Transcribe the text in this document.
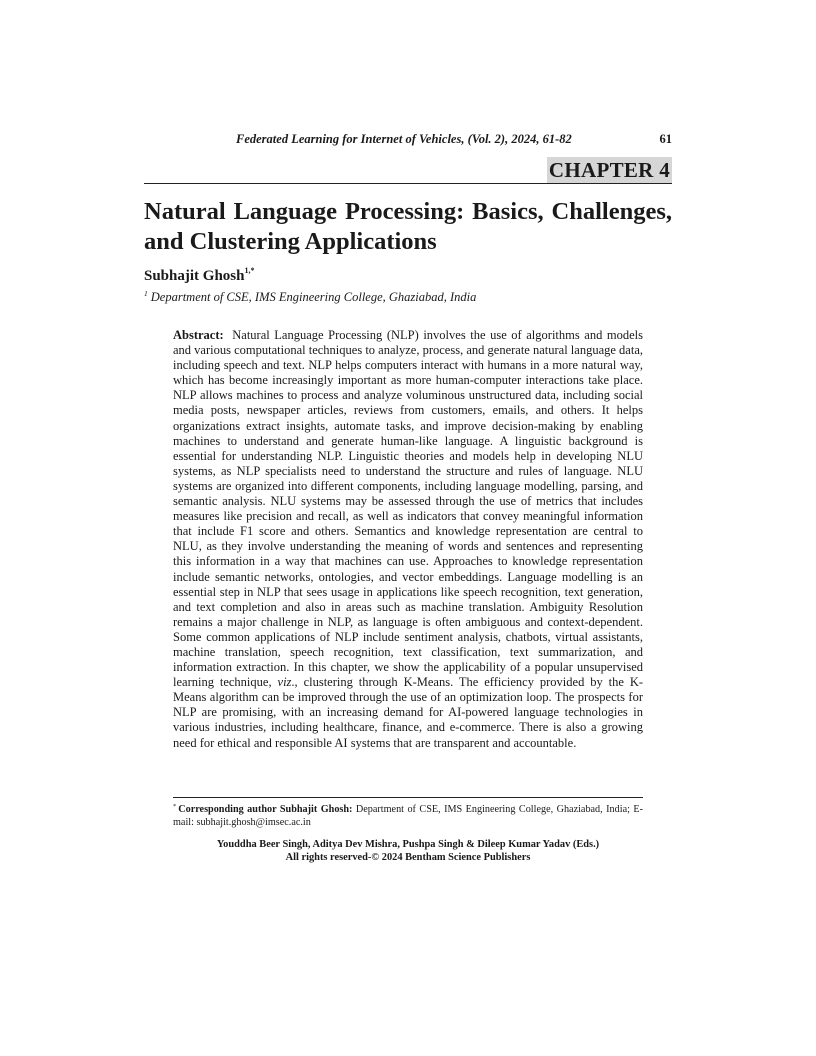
Federated Learning for Internet of Vehicles, (Vol. 2), 2024, 61-82	61
CHAPTER 4
Natural Language Processing: Basics, Challenges, and Clustering Applications
Subhajit Ghosh$^{1,*}$
$^1$ Department of CSE, IMS Engineering College, Ghaziabad, India

Abstract: Natural Language Processing (NLP) involves the use of algorithms and models and various computational techniques to analyze, process, and generate natural language data, including speech and text. NLP helps computers interact with humans in a more natural way, which has become increasingly important as more human-computer interactions take place. NLP allows machines to process and analyze voluminous unstructured data, including social media posts, newspaper articles, reviews from customers, emails, and others. It helps organizations extract insights, automate tasks, and improve decision-making by enabling machines to understand and generate human-like language. A linguistic background is essential for understanding NLP. Linguistic theories and models help in developing NLU systems, as NLP specialists need to understand the structure and rules of language. NLU systems are organized into different components, including language modelling, parsing, and semantic analysis. NLU systems may be assessed through the use of metrics that includes measures like precision and recall, as well as indicators that convey meaningful information that include F1 score and others. Semantics and knowledge representation are central to NLU, as they involve understanding the meaning of words and sentences and representing this information in a way that machines can use. Approaches to knowledge representation include semantic networks, ontologies, and vector embeddings. Language modelling is an essential step in NLP that sees usage in applications like speech recognition, text generation, and text completion and also in areas such as machine translation. Ambiguity Resolution remains a major challenge in NLP, as language is often ambiguous and context-dependent. Some common applications of NLP include sentiment analysis, chatbots, virtual assistants, machine translation, speech recognition, text classification, text summarization, and information extraction. In this chapter, we show the applicability of a popular unsupervised learning technique, viz., clustering through K-Means. The efficiency provided by the K-Means algorithm can be improved through the use of an optimization loop. The prospects for NLP are promising, with an increasing demand for AI-powered language technologies in various industries, including healthcare, finance, and e-commerce. There is also a growing need for ethical and responsible AI systems that are transparent and accountable.

* Corresponding author Subhajit Ghosh: Department of CSE, IMS Engineering College, Ghaziabad, India; E-mail: subhajit.ghosh@imsec.ac.in

Youddha Beer Singh, Aditya Dev Mishra, Pushpa Singh & Dileep Kumar Yadav (Eds.)
All rights reserved-© 2024 Bentham Science Publishers
